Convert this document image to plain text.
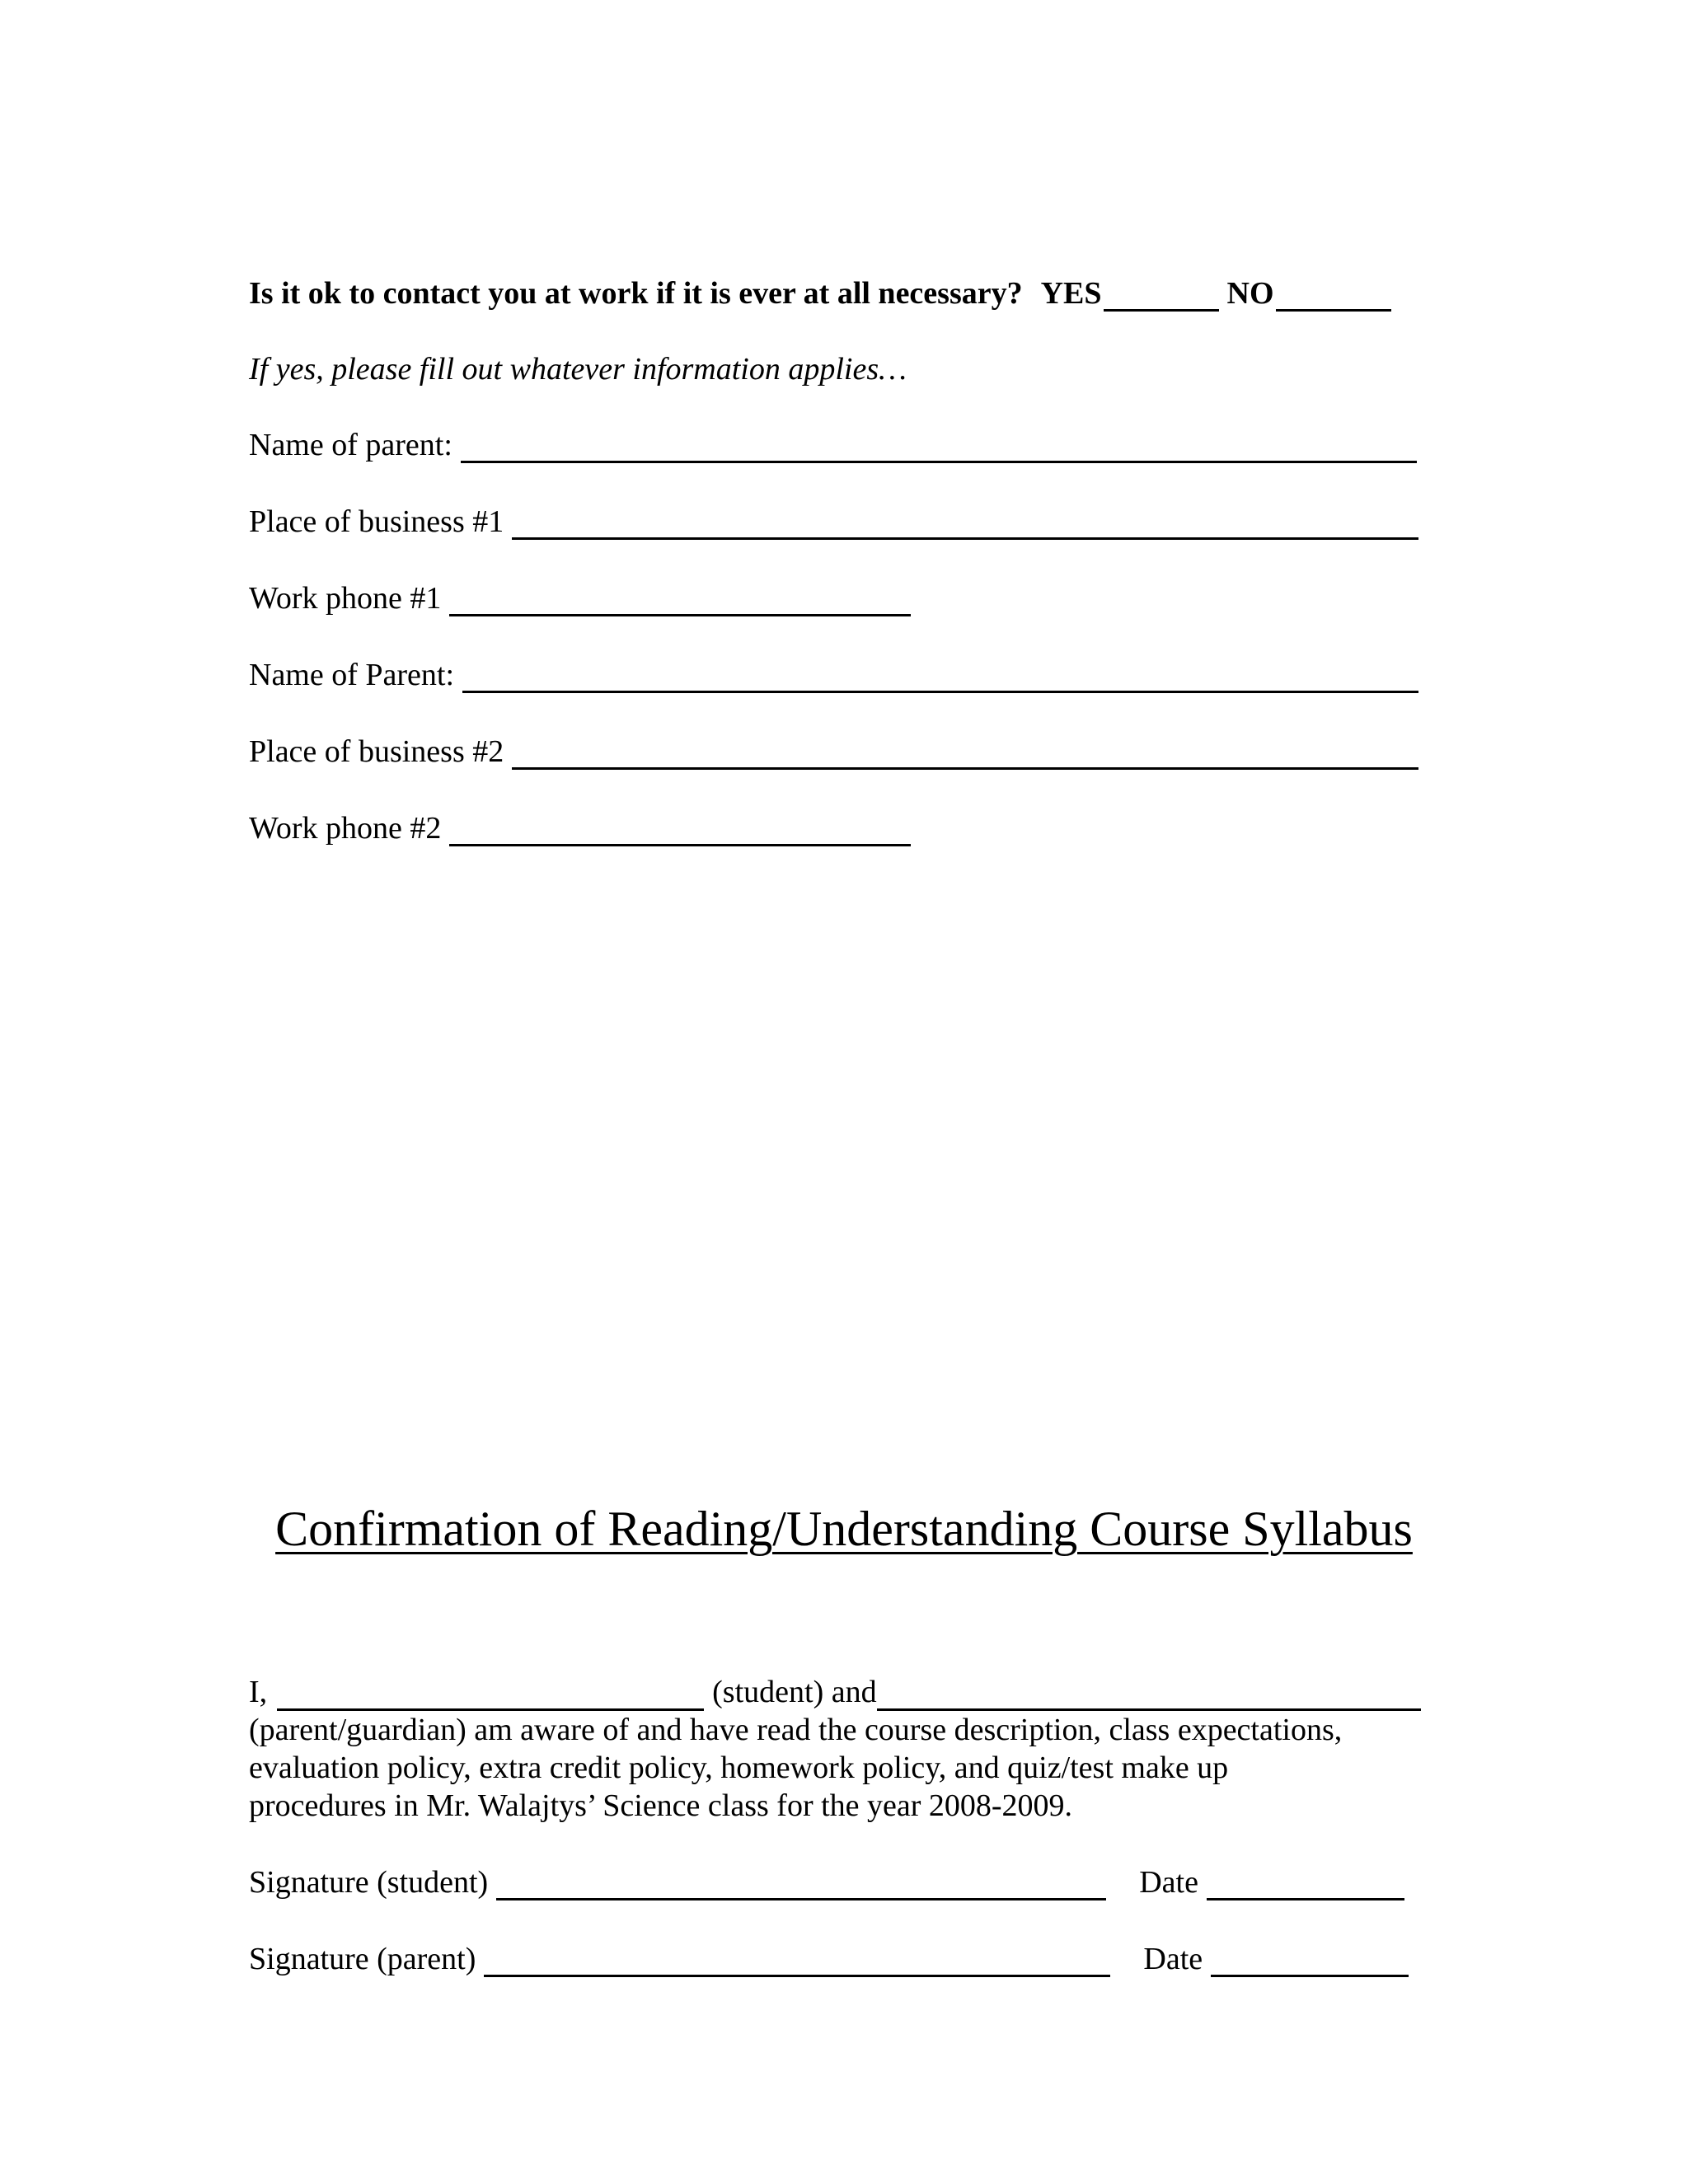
Is it ok to contact you at work if it is ever at all necessary? YES	NO
If yes, please fill out whatever information applies…
Name of parent:
Place of business #1
Work phone #1
Name of Parent:
Place of business #2
Work phone #2
Confirmation of Reading/Understanding Course Syllabus
I,	(student) and
(parent/guardian) am aware of and have read the course description, class expectations,
evaluation policy, extra credit policy, homework policy, and quiz/test make up
procedures in Mr. Walajtys’ Science class for the year 2008-2009.
Signature (student)	Date
Signature (parent)	Date
